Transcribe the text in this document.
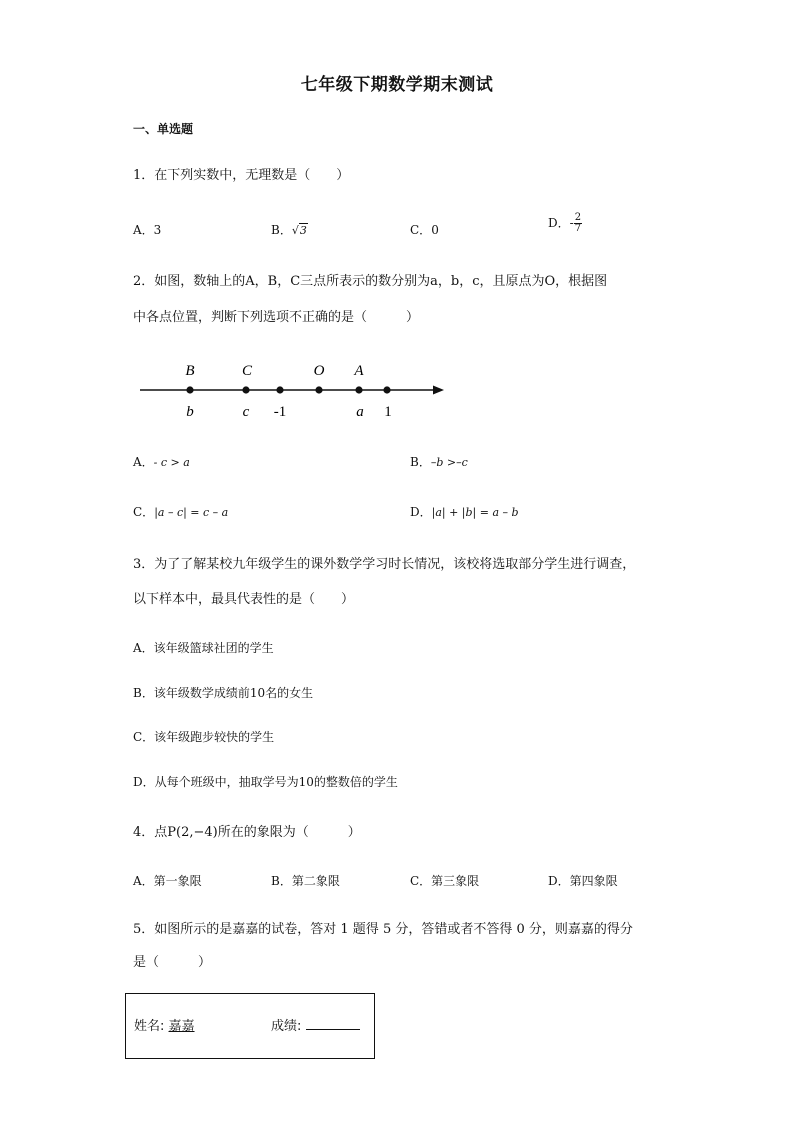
七年级下期数学期末测试
一、单选题
1．在下列实数中，无理数是（　　）
A．3	B．√3	C．0	D．- $\frac{2}{7}$
2．如图，数轴上的A，B，C三点所表示的数分别为a，b，c，且原点为O，根据图
中各点位置，判断下列选项不正确的是（　　　）
B	C	O A
b	c -1	a 1
A．- c > a	B．–b >–c
C．|a – c| = c – a	D．|a| + |b| = a – b
3．为了了解某校九年级学生的课外数学学习时长情况，该校将选取部分学生进行调查，
以下样本中，最具代表性的是（　　）
A．该年级篮球社团的学生
B．该年级数学成绩前10名的女生
C．该年级跑步较快的学生
D．从每个班级中，抽取学号为10的整数倍的学生
4．点P(2,−4)所在的象限为（　　　）
A．第一象限	B．第二象限	C．第三象限	D．第四象限
5．如图所示的是嘉嘉的试卷，答对 1 题得 5 分，答错或者不答得 0 分，则嘉嘉的得分
是（　　　）
姓名: 嘉嘉	成绩:
